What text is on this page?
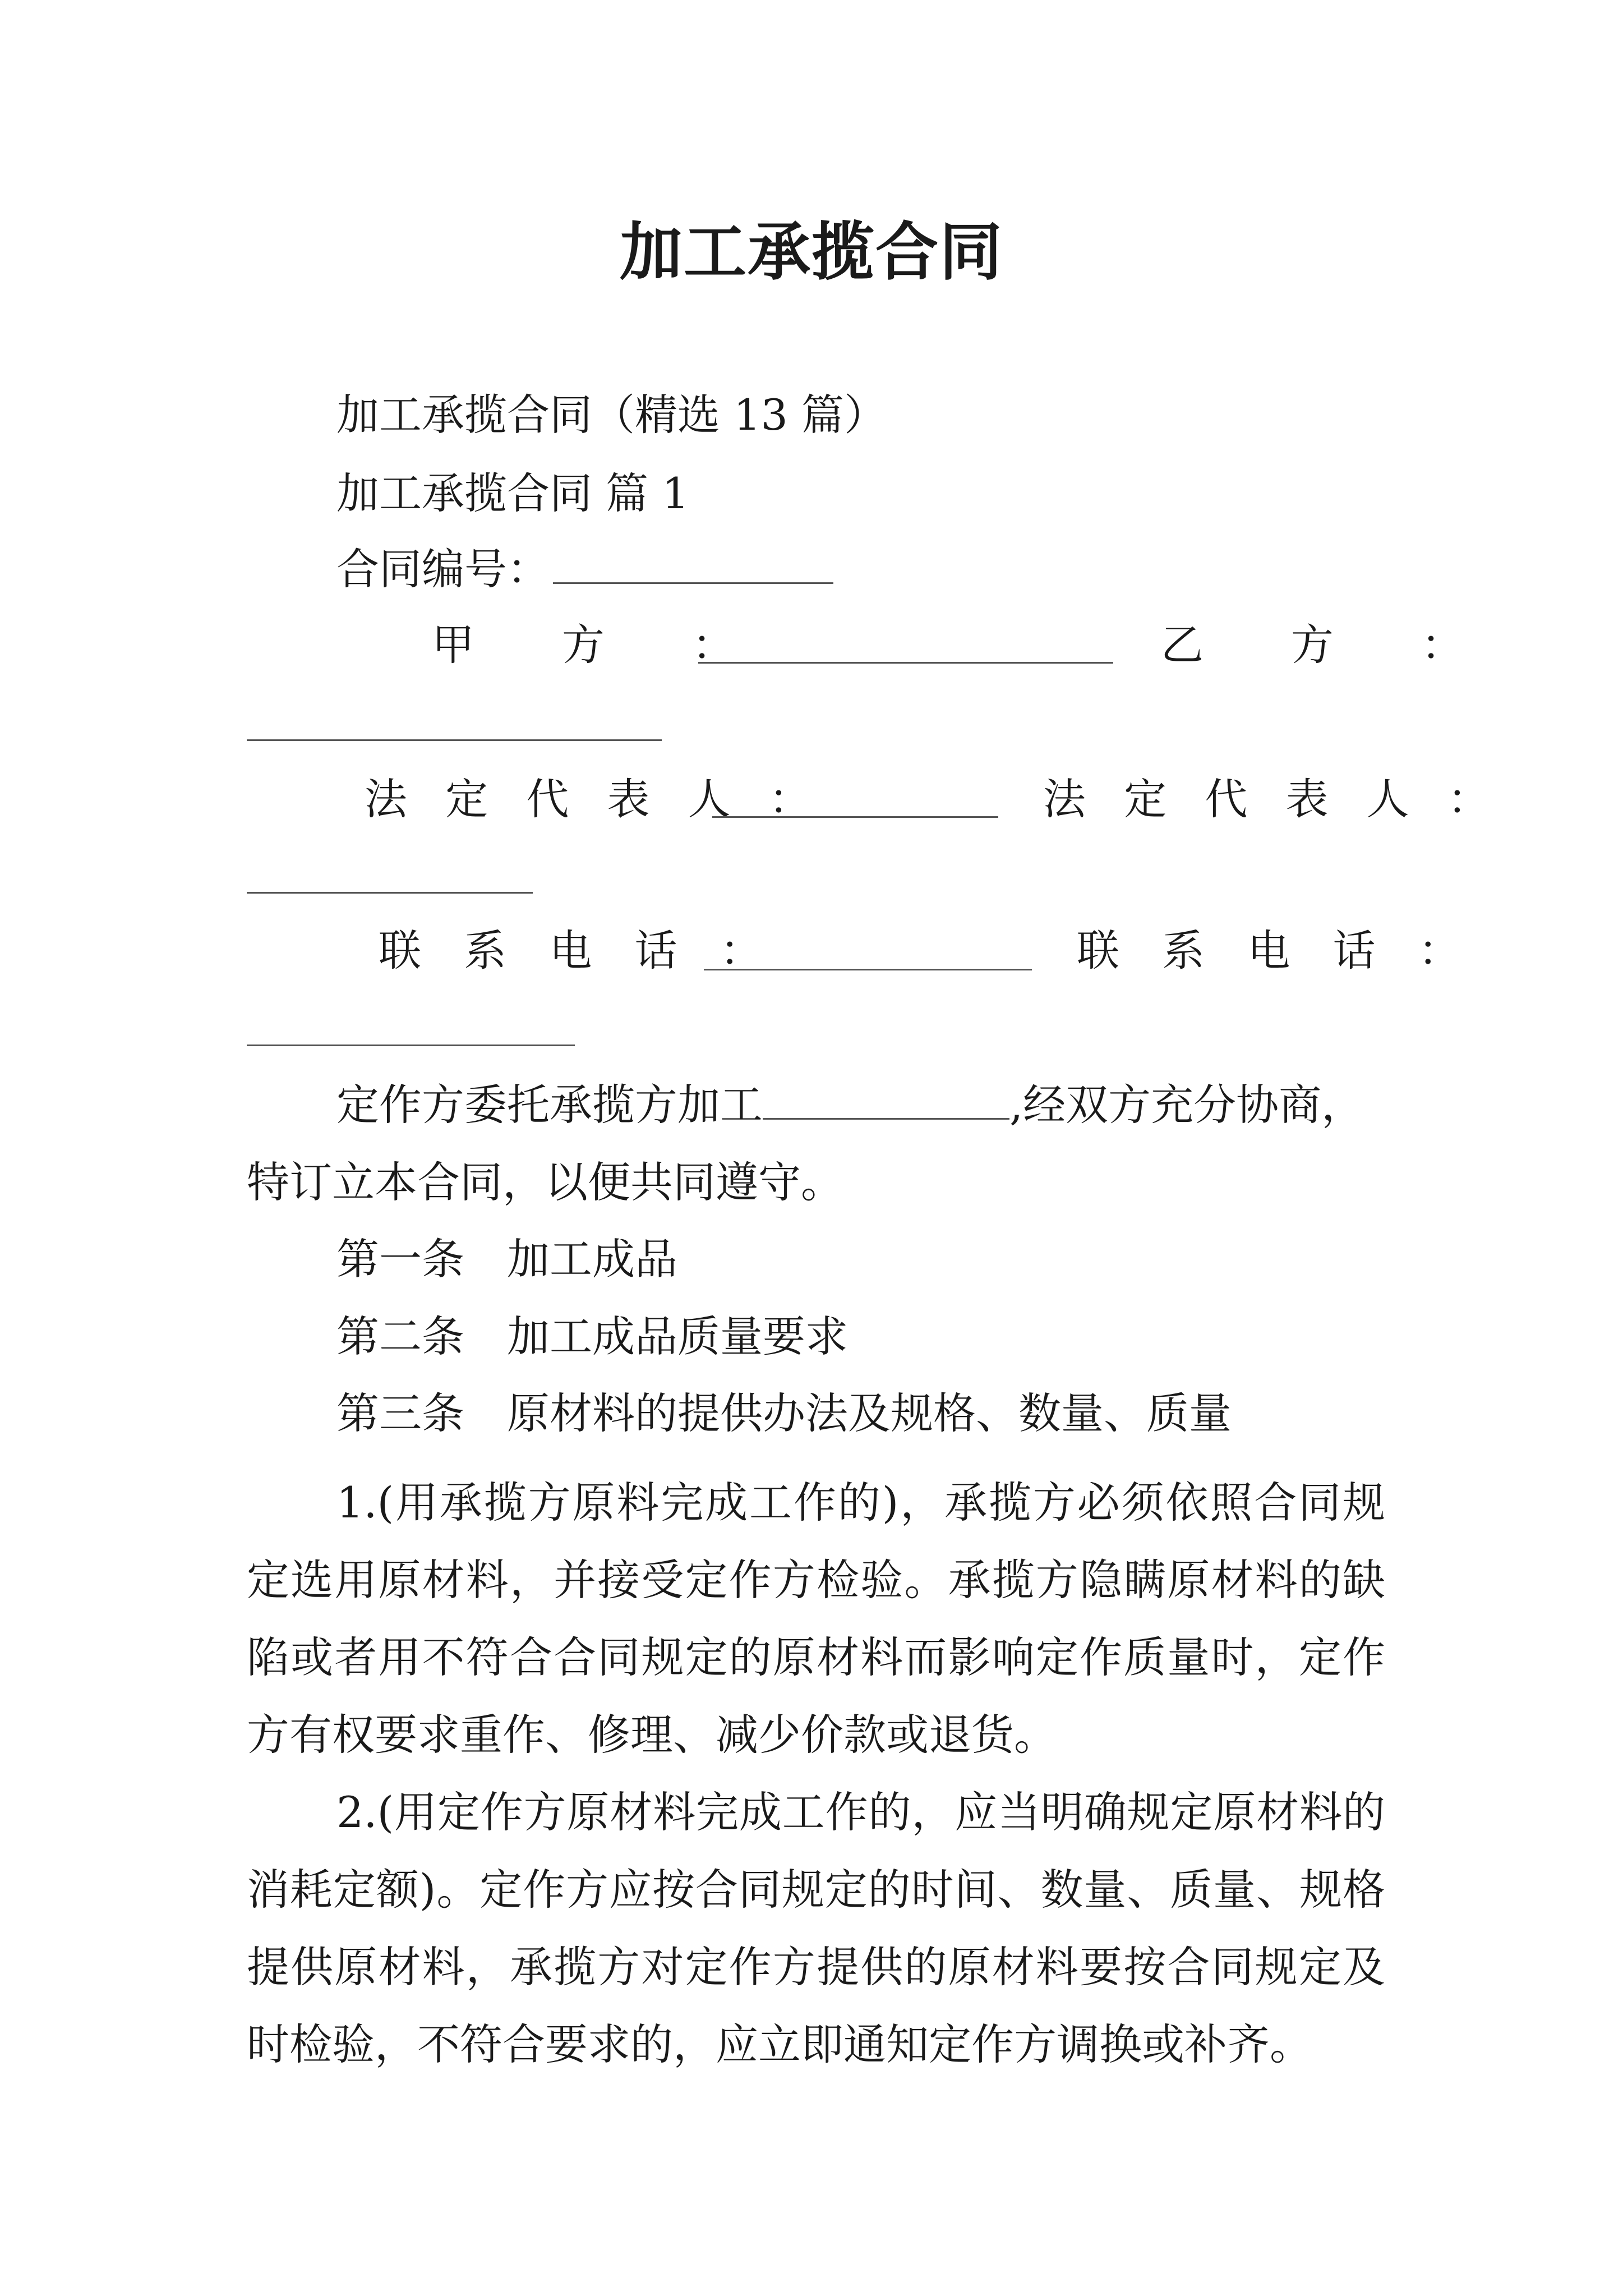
加工承揽合同
加工承揽合同（精选 13 篇）
加工承揽合同 篇 1
合同编号：
甲　方　：	乙　方　：
法 定 代 表 人 ：	法 定 代 表 人 ：
联 系 电 话 ：	联 系 电 话 ：
定作方委托承揽方加工	,经双方充分协商，
特订立本合同，以便共同遵守。
第一条　加工成品
第二条　加工成品质量要求
第三条　原材料的提供办法及规格、数量、质量
1.(用承揽方原料完成工作的)，承揽方必须依照合同规定选用原材料，并接受定作方检验。承揽方隐瞒原材料的缺陷或者用不符合合同规定的原材料而影响定作质量时，定作方有权要求重作、修理、减少价款或退货。
2.(用定作方原材料完成工作的，应当明确规定原材料的消耗定额)。定作方应按合同规定的时间、数量、质量、规格提供原材料，承揽方对定作方提供的原材料要按合同规定及时检验，不符合要求的，应立即通知定作方调换或补齐。
